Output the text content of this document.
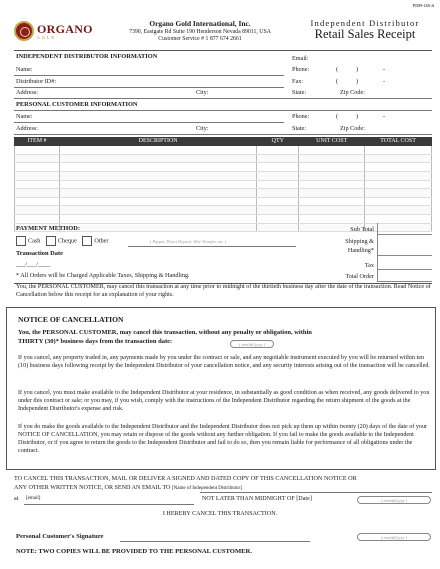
RSR-US-a
ORGANO
GOLD
Organo Gold International, Inc.
7390, Eastgate Rd Suite 190 Henderson Nevada 89011, USA
Customer Service # 1 877 674 2661
Independent Distributor
Retail Sales Receipt
INDEPENDENT DISTRIBUTOR INFORMATION
Name:
Distributor ID#:
Address:	City:
Email:
Phone:	(	)	-
Fax:	(	)	-
State:	Zip Code:
PERSONAL CUSTOMER INFORMATION
Name:
Address:	City:
Phone:	(	)	-
State:	Zip Code:
ITEM #	DESCRIPTION	QTY	UNIT COST	TOTAL COST

PAYMENT METHOD:
Cash	Cheque	Other	( Paypal, Direct Deposit, Wire Transfer, etc. )
Transaction Date
___/___/____
* All Orders will be Charged Applicable Taxes, Shipping & Handling.
Sub Total
Shipping &
Handling*
Tax
Total Order
You, the PERSONAL CUSTOMER, may cancel this transaction at any time prior to midnight of the thirtieth business day after the date of the transaction. Read Notice of Cancellation below this receipt for an explanation of your rights.
NOTICE OF CANCELLATION
You, the PERSONAL CUSTOMER, may cancel this transaction, without any penalty or obligation, within
THIRTY (30)* business days from the transaction date:	( mm/dd/yyyy )
If you cancel, any property traded in, any payments made by you under the contract or sale, and any negotiable instrument executed by you will be returned within ten (10) business days following receipt by the Independent Distributor of your cancellation notice, and any security interests arising out of the transaction will be cancelled.
If you cancel, you must make available to the Independent Distributor at your residence, in substantially as good condition as when received, any goods delivered to you under this contract or sale; or you may, if you wish, comply with the instructions of the Independent Distributor regarding the return shipment of the goods at the Independent Distributor's expense and risk.
If you do make the goods available to the Independent Distributor and the Independent Distributor does not pick up them up within twenty (20) days of the date of your NOTICE OF CANCELLATION, you may retain or dispose of the goods without any further obligation. If you fail to make the goods available to the Independent Distributor, or if you agree to return the goods to the Independent Distributor and fail to do so, then you remain liable for performance of all obligations under the contract.
TO CANCEL THIS TRANSACTION, MAIL OR DELIVER A SIGNED AND DATED COPY OF THIS CANCELLATION NOTICE OR
ANY OTHER WRITTEN NOTICE, OR SEND AN EMAIL TO [Name of Independent Distributor]
at [email]	NOT LATER THAN MIDNIGHT OF [Date]	( mm/dd/yyyy )
I HEREBY CANCEL THIS TRANSACTION.
Personal Customer's Signature	( mm/dd/yyyy )
NOTE: TWO COPIES WILL BE PROVIDED TO THE PERSONAL CUSTOMER.
